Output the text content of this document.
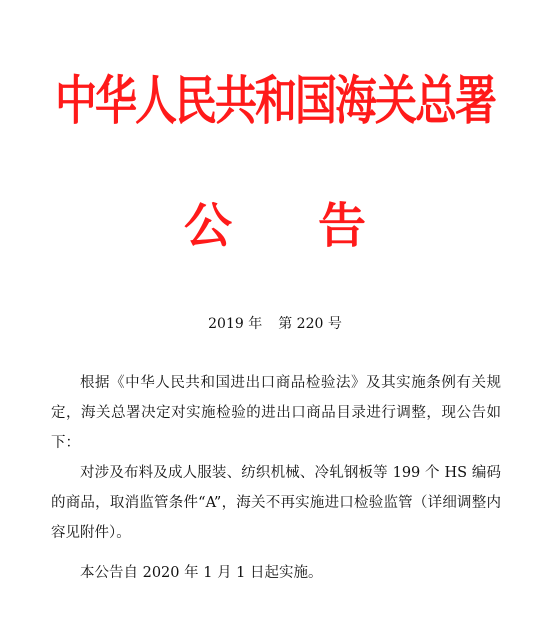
中华人民共和国海关总署
公 告
2019 年 第 220 号

根据《中华人民共和国进出口商品检验法》及其实施条例有关规定，海关总署决定对实施检验的进出口商品目录进行调整，现公告如下：

对涉及布料及成人服装、纺织机械、冷轧钢板等 199 个 HS 编码的商品，取消监管条件“A”，海关不再实施进口检验监管（详细调整内容见附件）。

本公告自 2020 年 1 月 1 日起实施。
